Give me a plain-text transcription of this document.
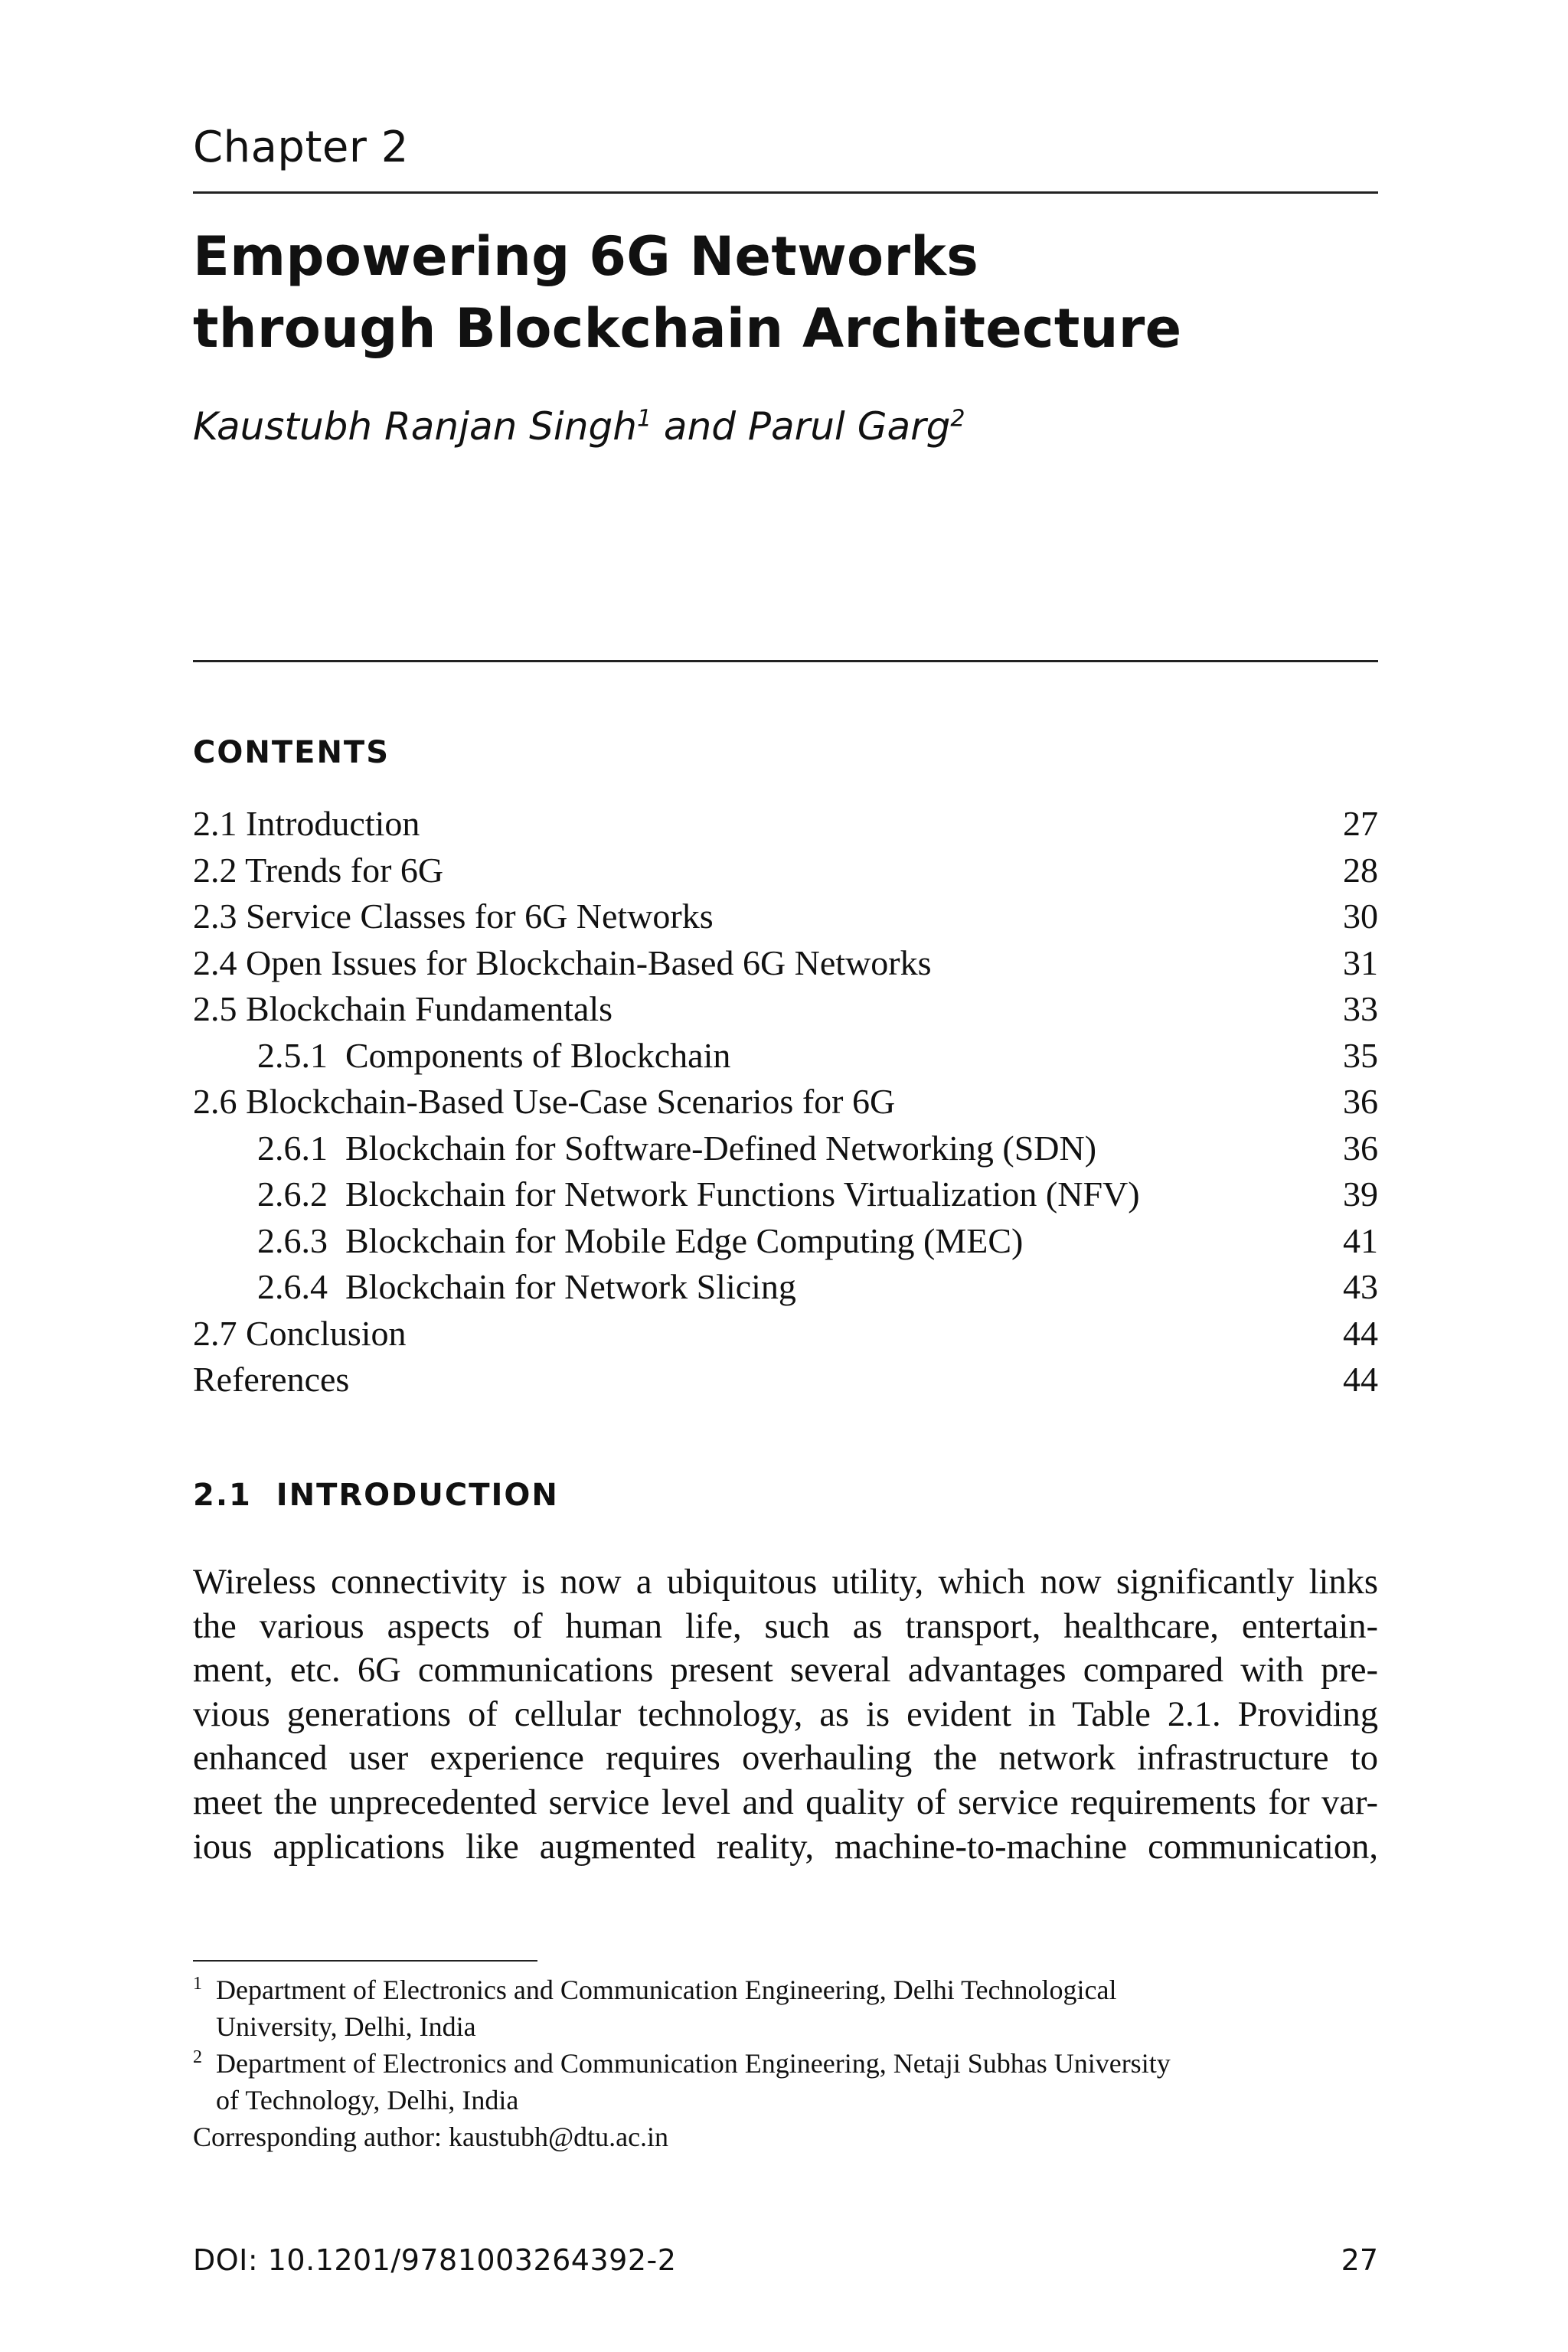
Chapter 2
Empowering 6G Networks
through Blockchain Architecture
Kaustubh Ranjan Singh$^1$ and Parul Garg$^2$
CONTENTS
2.1 Introduction	27
2.2 Trends for 6G	28
2.3 Service Classes for 6G Networks	30
2.4 Open Issues for Blockchain-Based 6G Networks	31
2.5 Blockchain Fundamentals	33
2.5.1  Components of Blockchain	35
2.6 Blockchain-Based Use-Case Scenarios for 6G	36
2.6.1  Blockchain for Software-Defined Networking (SDN)	36
2.6.2  Blockchain for Network Functions Virtualization (NFV)	39
2.6.3  Blockchain for Mobile Edge Computing (MEC)	41
2.6.4  Blockchain for Network Slicing	43
2.7 Conclusion	44
References	44
2.1  INTRODUCTION

Wireless connectivity is now a ubiquitous utility, which now significantly links
the various aspects of human life, such as transport, healthcare, entertain-
ment, etc. 6G communications present several advantages compared with pre-
vious generations of cellular technology, as is evident in Table 2.1. Providing
enhanced user experience requires overhauling the network infrastructure to
meet the unprecedented service level and quality of service requirements for var-
ious applications like augmented reality, machine-to-machine communication,

1 Department of Electronics and Communication Engineering, Delhi Technological
University, Delhi, India
2 Department of Electronics and Communication Engineering, Netaji Subhas University
of Technology, Delhi, India
Corresponding author: kaustubh@dtu.ac.in
DOI: 10.1201/9781003264392-2	27
